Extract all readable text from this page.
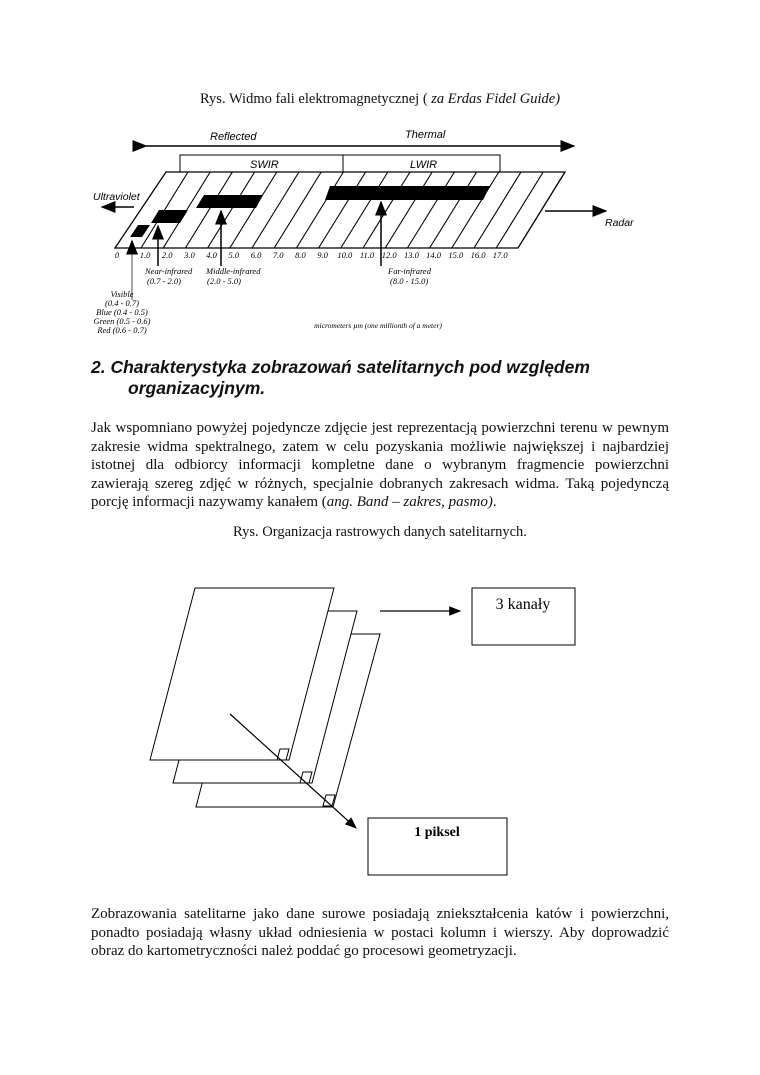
Rys. Widmo fali elektromagnetycznej ( za Erdas Fidel Guide)
Reflected	Thermal
SWIR	LWIR
Ultraviolet
Radar
0 1.0 2.0 3.0 4.0 5.0 6.0 7.0 8.0 9.0 10.0 11.0 12.0 13.0 14.0 15.0 16.0 17.0
Near-infrared
(0.7 - 2.0)
Middle-infrared
(2.0 - 5.0)
Far-infrared
(8.0 - 15.0)
Visible
(0.4 - 0.7)
Blue (0.4 - 0.5)
Green (0.5 - 0.6)
Red (0.6 - 0.7)	micrometers µm (one millionth of a meter)
2. Charakterystyka zobrazowań satelitarnych pod względem
organizacyjnym.
Jak wspomniano powyżej pojedyncze zdjęcie jest reprezentacją powierzchni terenu w pewnym zakresie widma spektralnego, zatem w celu pozyskania możliwie największej i najbardziej istotnej dla odbiorcy informacji kompletne dane o wybranym fragmencie powierzchni zawierają szereg zdjęć w różnych, specjalnie dobranych zakresach widma. Taką pojedynczą porcję informacji nazywamy kanałem (ang. Band – zakres, pasmo).
Rys. Organizacja rastrowych danych satelitarnych.
3 kanały
1 piksel
Zobrazowania satelitarne jako dane surowe posiadają zniekształcenia katów i powierzchni, ponadto posiadają własny układ odniesienia w postaci kolumn i wierszy. Aby doprowadzić obraz do kartometryczności należ poddać go procesowi geometryzacji.
